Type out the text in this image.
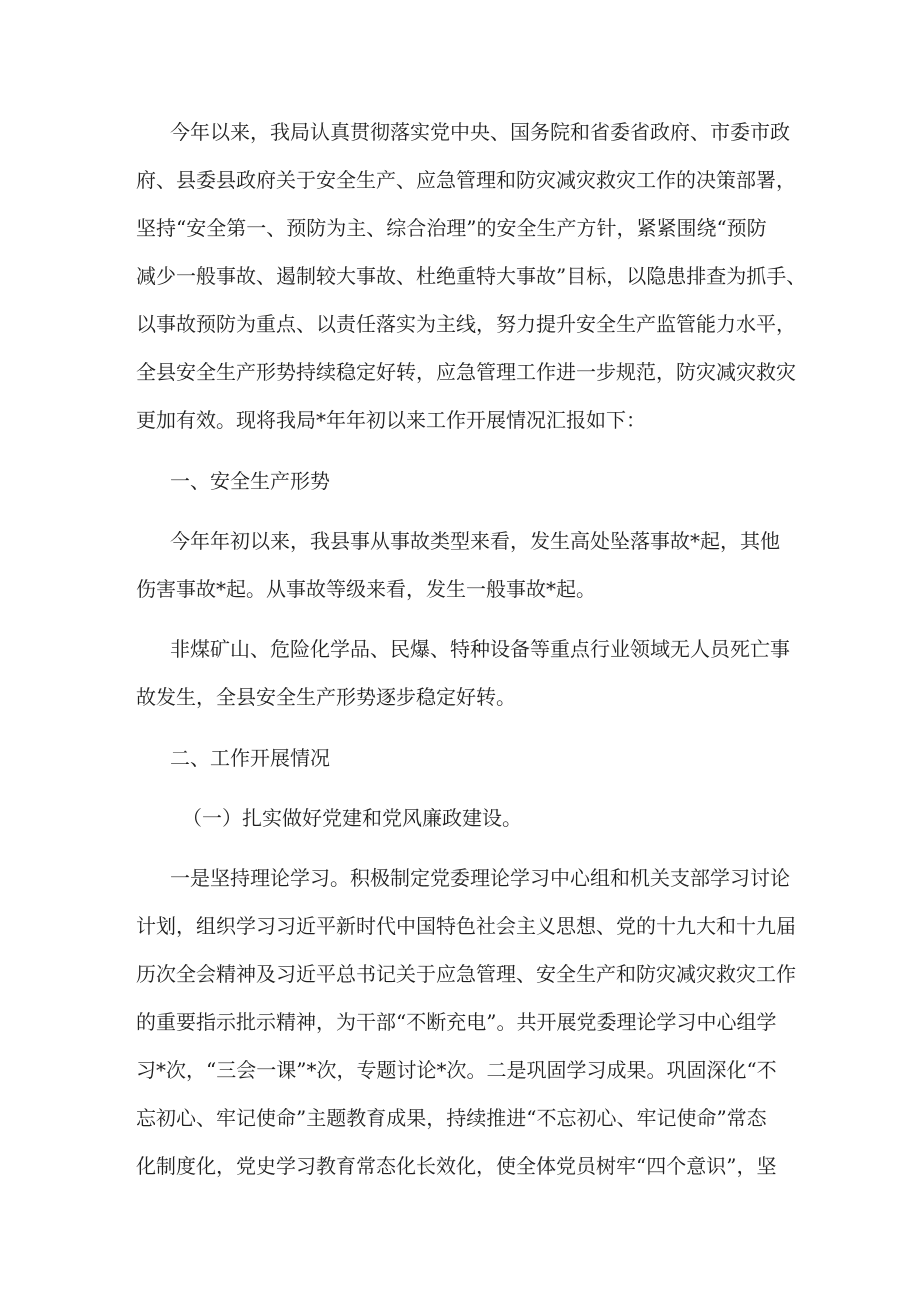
今年以来，我局认真贯彻落实党中央、国务院和省委省政府、市委市政
府、县委县政府关于安全生产、应急管理和防灾减灾救灾工作的决策部署，
坚持“安全第一、预防为主、综合治理”的安全生产方针，紧紧围绕“预防
减少一般事故、遏制较大事故、杜绝重特大事故”目标，以隐患排查为抓手、
以事故预防为重点、以责任落实为主线，努力提升安全生产监管能力水平，
全县安全生产形势持续稳定好转，应急管理工作进一步规范，防灾减灾救灾
更加有效。现将我局*年年初以来工作开展情况汇报如下：
一、安全生产形势
今年年初以来，我县事从事故类型来看，发生高处坠落事故*起，其他
伤害事故*起。从事故等级来看，发生一般事故*起。
非煤矿山、危险化学品、民爆、特种设备等重点行业领域无人员死亡事
故发生，全县安全生产形势逐步稳定好转。
二、工作开展情况
（一）扎实做好党建和党风廉政建设。
一是坚持理论学习。积极制定党委理论学习中心组和机关支部学习讨论
计划，组织学习习近平新时代中国特色社会主义思想、党的十九大和十九届
历次全会精神及习近平总书记关于应急管理、安全生产和防灾减灾救灾工作
的重要指示批示精神，为干部“不断充电”。共开展党委理论学习中心组学
习*次，“三会一课”*次，专题讨论*次。二是巩固学习成果。巩固深化“不
忘初心、牢记使命”主题教育成果，持续推进“不忘初心、牢记使命”常态
化制度化，党史学习教育常态化长效化，使全体党员树牢“四个意识”，坚
